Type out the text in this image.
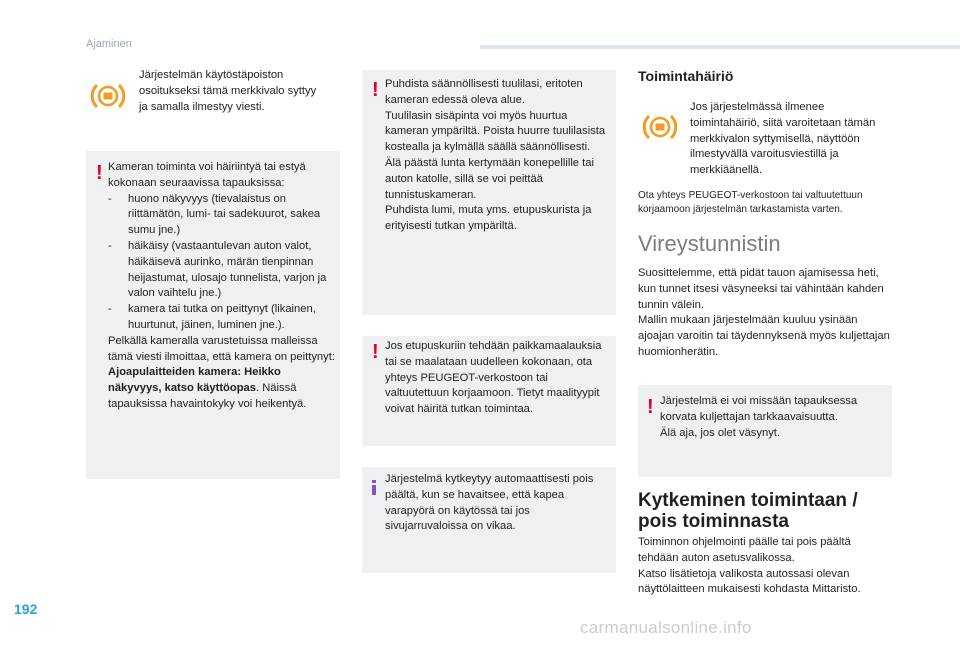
Ajaminen
Järjestelmän käytöstäpoiston osoitukseksi tämä merkkivalo syttyy ja samalla ilmestyy viesti.
! Kameran toiminta voi häiriintyä tai estyä kokonaan seuraavissa tapauksissa:

- huono näkyvyys (tievalaistus on riittämätön, lumi- tai sadekuurot, sakea sumu jne.)
- häikäisy (vastaantulevan auton valot, häikäisevä aurinko, märän tienpinnan heijastumat, ulosajo tunnelista, varjon ja valon vaihtelu jne.)
- kamera tai tutka on peittynyt (likainen, huurtunut, jäinen, luminen jne.).

Pelkällä kameralla varustetuissa malleissa tämä viesti ilmoittaa, että kamera on peittynyt: Ajoapulaitteiden kamera: Heikko näkyvyys, katso käyttöopas. Näissä tapauksissa havaintokyky voi heikentyä.

! Puhdista säännöllisesti tuulilasi, eritoten kameran edessä oleva alue.

Tuulilasin sisäpinta voi myös huurtua kameran ympäriltä. Poista huurre tuulilasista kostealla ja kylmällä säällä säännöllisesti.

Älä päästä lunta kertymään konepellille tai auton katolle, sillä se voi peittää tunnistuskameran.

Puhdista lumi, muta yms. etupuskurista ja erityisesti tutkan ympäriltä.

! Jos etupuskuriin tehdään paikkamaalauksia tai se maalataan uudelleen kokonaan, ota yhteys PEUGEOT-verkostoon tai valtuutettuun korjaamoon. Tietyt maalityypit voivat häiritä tutkan toimintaa.
Järjestelmä kytkeytyy automaattisesti pois päältä, kun se havaitsee, että kapea varapyörä on käytössä tai jos sivujarruvaloissa on vikaa.
Toimintahäiriö
Jos järjestelmässä ilmenee toimintahäiriö, siitä varoitetaan tämän merkkivalon syttymisellä, näyttöön ilmestyvällä varoitusviestillä ja merkkiäänellä.
Ota yhteys PEUGEOT-verkostoon tai valtuutettuun korjaamoon järjestelmän tarkastamista varten.
Vireystunnistin

Suosittelemme, että pidät tauon ajamisessa heti, kun tunnet itsesi väsyneeksi tai vähintään kahden tunnin välein.

Mallin mukaan järjestelmään kuuluu ysinään ajoajan varoitin tai täydennyksenä myös kuljettajan huomionherätin.

! Järjestelmä ei voi missään tapauksessa korvata kuljettajan tarkkaavaisuutta.

Älä aja, jos olet väsynyt.

Kytkeminen toimintaan /
pois toiminnasta

Toiminnon ohjelmointi päälle tai pois päältä tehdään auton asetusvalikossa.

Katso lisätietoja valikosta autossasi olevan näyttölaitteen mukaisesti kohdasta Mittaristo.

192
carmanualsonline.info
